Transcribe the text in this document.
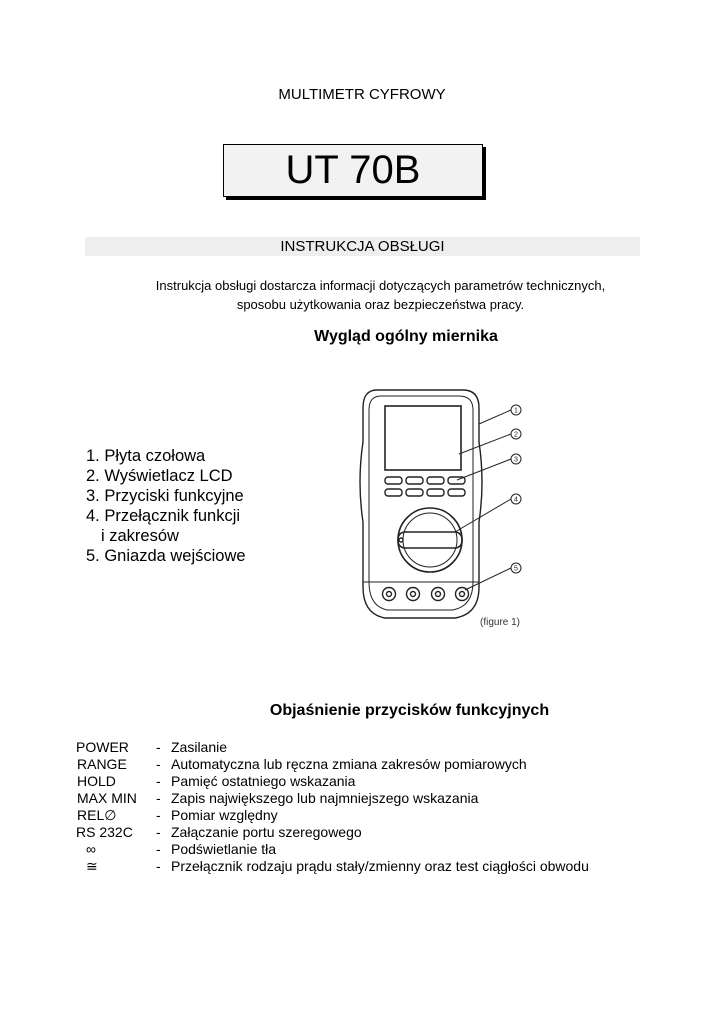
MULTIMETR CYFROWY
UT 70B
INSTRUKCJA OBSŁUGI
Instrukcja obsługi dostarcza informacji dotyczących parametrów technicznych,
sposobu użytkowania oraz bezpieczeństwa pracy.
Wygląd ogólny miernika
1. Płyta czołowa
2. Wyświetlacz LCD
3. Przyciski funkcyjne
4. Przełącznik funkcji
i zakresów
5. Gniazda wejściowe
1
2
3
4
5
(figure 1)
Objaśnienie przycisków funkcyjnych
POWER	-	Zasilanie
RANGE	-	Automatyczna lub ręczna zmiana zakresów pomiarowych
HOLD	-	Pamięć ostatniego wskazania
MAX MIN	-	Zapis największego lub najmniejszego wskazania
REL∅	-	Pomiar względny
RS 232C	-	Załączanie portu szeregowego
∞	-	Podświetlanie tła
≅	-	Przełącznik rodzaju prądu stały/zmienny oraz test ciągłości obwodu
